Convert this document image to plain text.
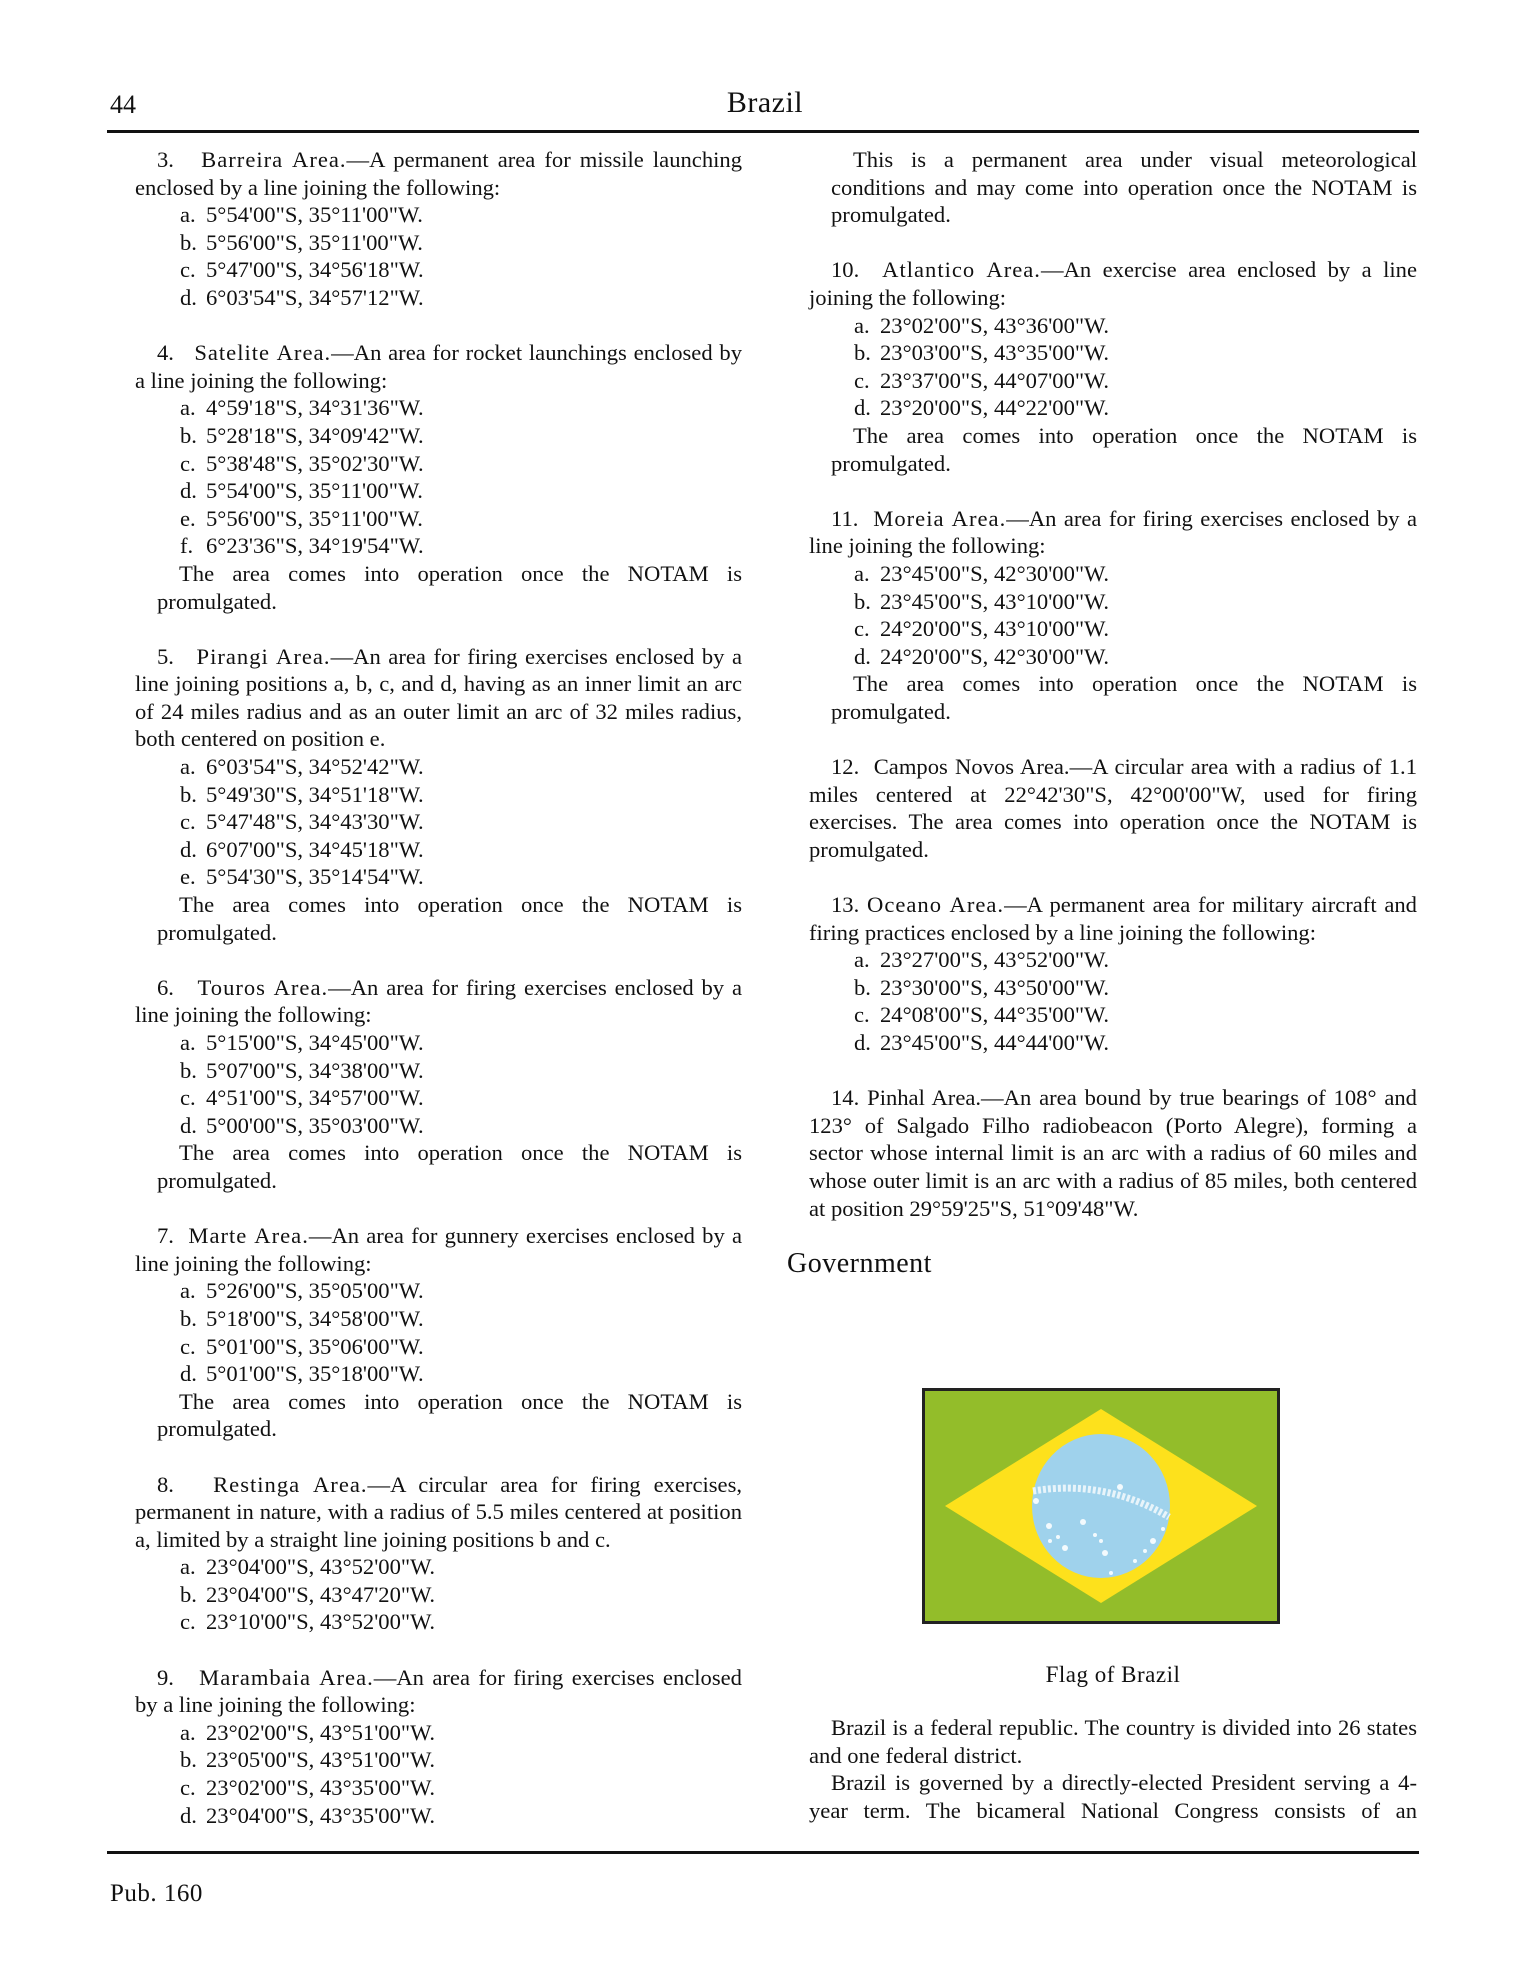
44	Brazil

3. Barreira Area.—A permanent area for missile launching enclosed by a line joining the following:

a. 5°54'00"S, 35°11'00"W.
b. 5°56'00"S, 35°11'00"W.
c. 5°47'00"S, 34°56'18"W.
d. 6°03'54"S, 34°57'12"W.

4. Satelite Area.—An area for rocket launchings enclosed by a line joining the following:

a. 4°59'18"S, 34°31'36"W.
b. 5°28'18"S, 34°09'42"W.
c. 5°38'48"S, 35°02'30"W.
d. 5°54'00"S, 35°11'00"W.
e. 5°56'00"S, 35°11'00"W.
f. 6°23'36"S, 34°19'54"W.

The area comes into operation once the NOTAM is promulgated.

5. Pirangi Area.—An area for firing exercises enclosed by a line joining positions a, b, c, and d, having as an inner limit an arc of 24 miles radius and as an outer limit an arc of 32 miles radius, both centered on position e.

a. 6°03'54"S, 34°52'42"W.
b. 5°49'30"S, 34°51'18"W.
c. 5°47'48"S, 34°43'30"W.
d. 6°07'00"S, 34°45'18"W.
e. 5°54'30"S, 35°14'54"W.

The area comes into operation once the NOTAM is promulgated.

6. Touros Area.—An area for firing exercises enclosed by a line joining the following:

a. 5°15'00"S, 34°45'00"W.
b. 5°07'00"S, 34°38'00"W.
c. 4°51'00"S, 34°57'00"W.
d. 5°00'00"S, 35°03'00"W.

The area comes into operation once the NOTAM is promulgated.

7. Marte Area.—An area for gunnery exercises enclosed by a line joining the following:

a. 5°26'00"S, 35°05'00"W.
b. 5°18'00"S, 34°58'00"W.
c. 5°01'00"S, 35°06'00"W.
d. 5°01'00"S, 35°18'00"W.

The area comes into operation once the NOTAM is promulgated.

8. Restinga Area.—A circular area for firing exercises, permanent in nature, with a radius of 5.5 miles centered at position a, limited by a straight line joining positions b and c.

a. 23°04'00"S, 43°52'00"W.
b. 23°04'00"S, 43°47'20"W.
c. 23°10'00"S, 43°52'00"W.

9. Marambaia Area.—An area for firing exercises enclosed by a line joining the following:

a. 23°02'00"S, 43°51'00"W.
b. 23°05'00"S, 43°51'00"W.
c. 23°02'00"S, 43°35'00"W.
d. 23°04'00"S, 43°35'00"W.

This is a permanent area under visual meteorological conditions and may come into operation once the NOTAM is promulgated.

10. Atlantico Area.—An exercise area enclosed by a line joining the following:

a. 23°02'00"S, 43°36'00"W.
b. 23°03'00"S, 43°35'00"W.
c. 23°37'00"S, 44°07'00"W.
d. 23°20'00"S, 44°22'00"W.

The area comes into operation once the NOTAM is promulgated.

11. Moreia Area.—An area for firing exercises enclosed by a line joining the following:

a. 23°45'00"S, 42°30'00"W.
b. 23°45'00"S, 43°10'00"W.
c. 24°20'00"S, 43°10'00"W.
d. 24°20'00"S, 42°30'00"W.

The area comes into operation once the NOTAM is promulgated.

12. Campos Novos Area.—A circular area with a radius of 1.1 miles centered at 22°42'30"S, 42°00'00"W, used for firing exercises. The area comes into operation once the NOTAM is promulgated.

13. Oceano Area.—A permanent area for military aircraft and firing practices enclosed by a line joining the following:

a. 23°27'00"S, 43°52'00"W.
b. 23°30'00"S, 43°50'00"W.
c. 24°08'00"S, 44°35'00"W.
d. 23°45'00"S, 44°44'00"W.

14. Pinhal Area.—An area bound by true bearings of 108° and 123° of Salgado Filho radiobeacon (Porto Alegre), forming a sector whose internal limit is an arc with a radius of 60 miles and whose outer limit is an arc with a radius of 85 miles, both centered at position 29°59'25"S, 51°09'48"W.

Government
Flag of Brazil

Brazil is a federal republic. The country is divided into 26 states and one federal district.

Brazil is governed by a directly-elected President serving a 4-year term. The bicameral National Congress consists of an

Pub. 160
